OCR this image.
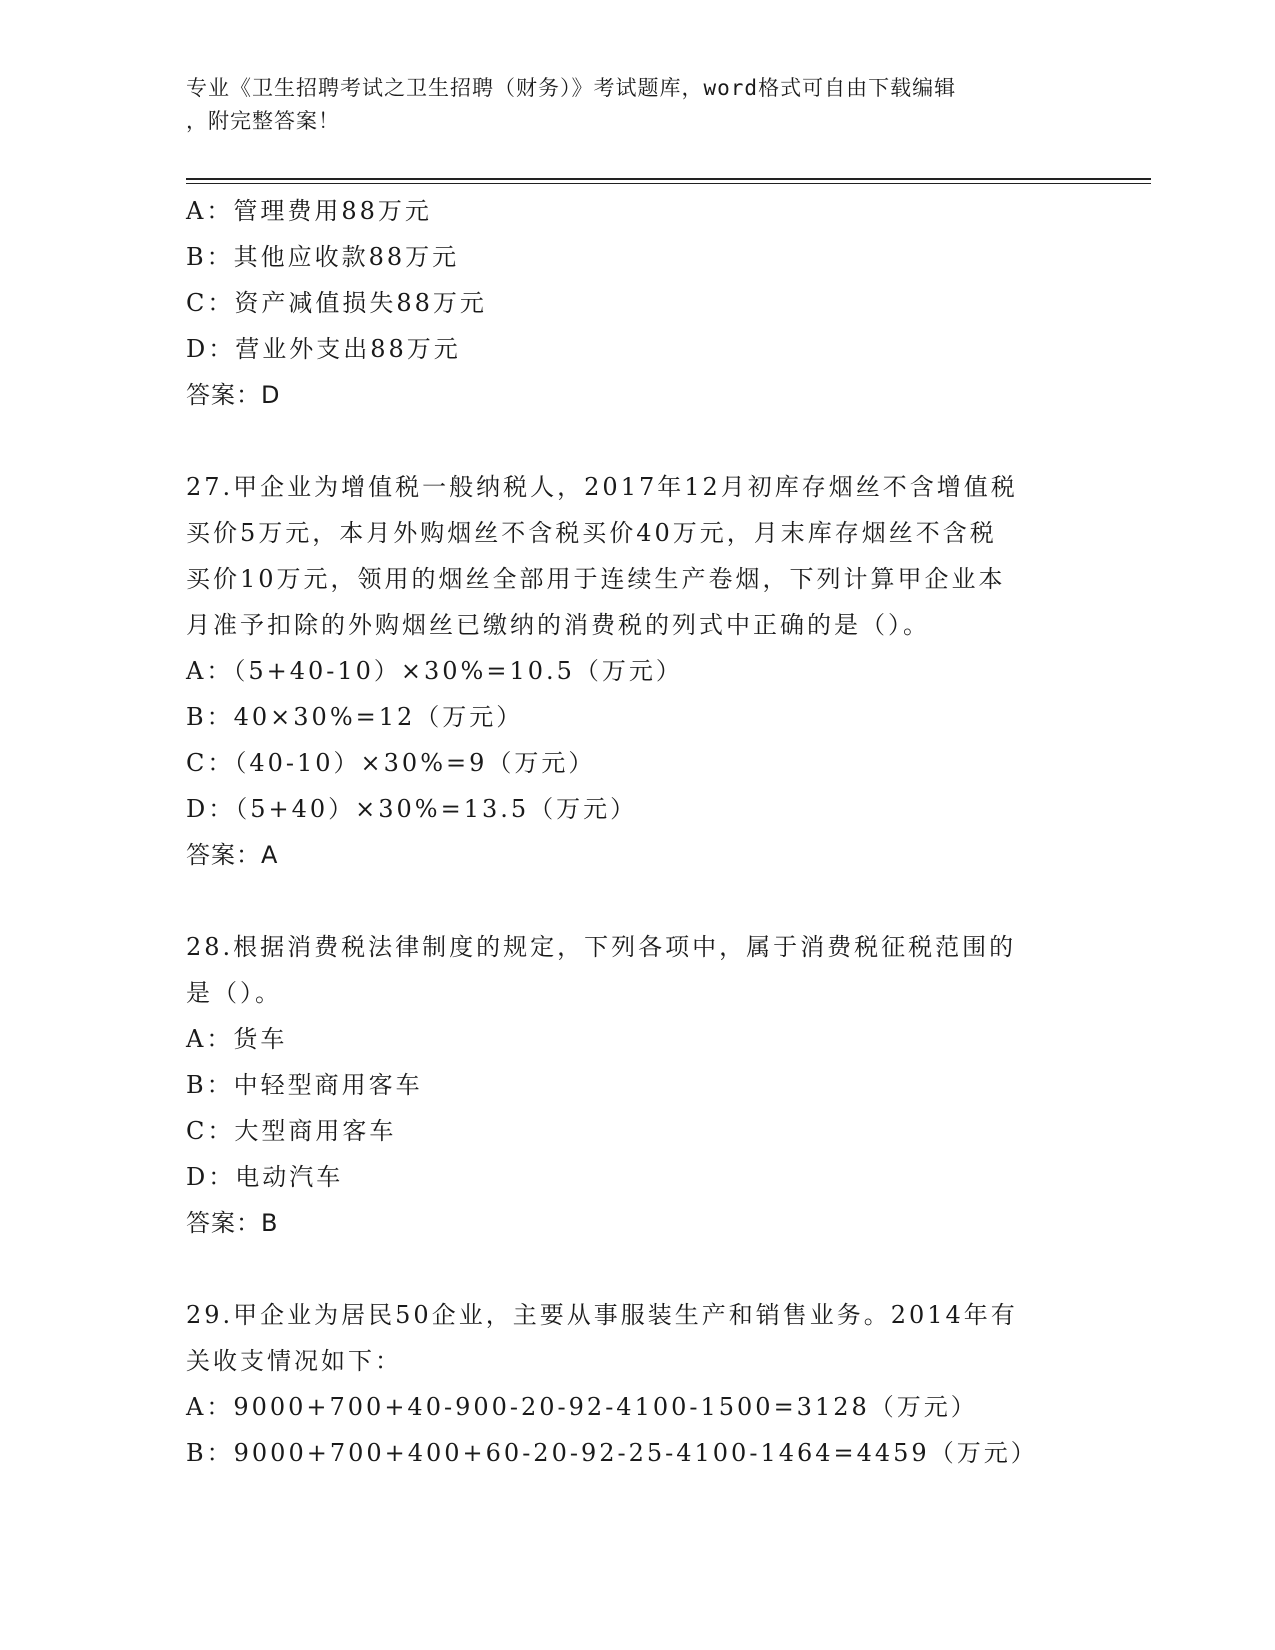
专业《卫生招聘考试之卫生招聘（财务）》考试题库，word格式可自由下载编辑
，附完整答案！
A：管理费用88万元
B：其他应收款88万元
C：资产减值损失88万元
D：营业外支出88万元
答案：D
27.甲企业为增值税一般纳税人，2017年12月初库存烟丝不含增值税
买价5万元，本月外购烟丝不含税买价40万元，月末库存烟丝不含税
买价10万元，领用的烟丝全部用于连续生产卷烟，下列计算甲企业本
月准予扣除的外购烟丝已缴纳的消费税的列式中正确的是（）。
A：（5+40-10）×30%=10.5（万元）
B：40×30%=12（万元）
C：（40-10）×30%=9（万元）
D：（5+40）×30%=13.5（万元）
答案：A
28.根据消费税法律制度的规定，下列各项中，属于消费税征税范围的
是（）。
A：货车
B：中轻型商用客车
C：大型商用客车
D：电动汽车
答案：B
29.甲企业为居民50企业，主要从事服装生产和销售业务。2014年有
关收支情况如下：
A：9000+700+40-900-20-92-4100-1500=3128（万元）
B：9000+700+400+60-20-92-25-4100-1464=4459（万元）
